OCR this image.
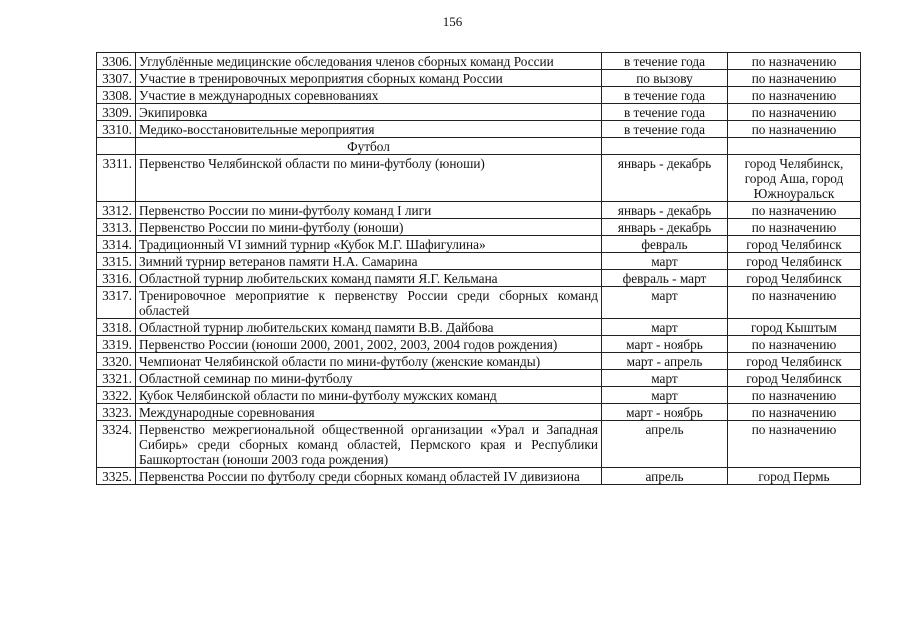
156
3306.	Углублённые медицинские обследования членов сборных команд России	в течение года	по назначению
3307.	Участие в тренировочных мероприятия сборных команд России	по вызову	по назначению
3308.	Участие в международных соревнованиях	в течение года	по назначению
3309.	Экипировка	в течение года	по назначению
3310.	Медико-восстановительные мероприятия	в течение года	по назначению
	Футбол		
3311.	Первенство Челябинской области по мини-футболу (юноши)	январь - декабрь	город Челябинск, город Аша, город Южноуральск
3312.	Первенство России по мини-футболу команд I лиги	январь - декабрь	по назначению
3313.	Первенство России по мини-футболу (юноши)	январь - декабрь	по назначению
3314.	Традиционный VI зимний турнир «Кубок М.Г. Шафигулина»	февраль	город Челябинск
3315.	Зимний турнир ветеранов памяти Н.А. Самарина	март	город Челябинск
3316.	Областной турнир любительских команд памяти Я.Г. Кельмана	февраль - март	город Челябинск
3317.	Тренировочное мероприятие к первенству России среди сборных команд областей	март	по назначению
3318.	Областной турнир любительских команд памяти В.В. Дайбова	март	город Кыштым
3319.	Первенство России (юноши 2000, 2001, 2002, 2003, 2004 годов рождения)	март - ноябрь	по назначению
3320.	Чемпионат Челябинской области по мини-футболу (женские команды)	март - апрель	город Челябинск
3321.	Областной семинар по мини-футболу	март	город Челябинск
3322.	Кубок Челябинской области по мини-футболу мужских команд	март	по назначению
3323.	Международные соревнования	март - ноябрь	по назначению
3324.	Первенство межрегиональной общественной организации «Урал и Западная Сибирь» среди сборных команд областей, Пермского края и Республики Башкортостан (юноши 2003 года рождения)	апрель	по назначению
3325.	Первенства России по футболу среди сборных команд областей IV дивизиона	апрель	город Пермь
